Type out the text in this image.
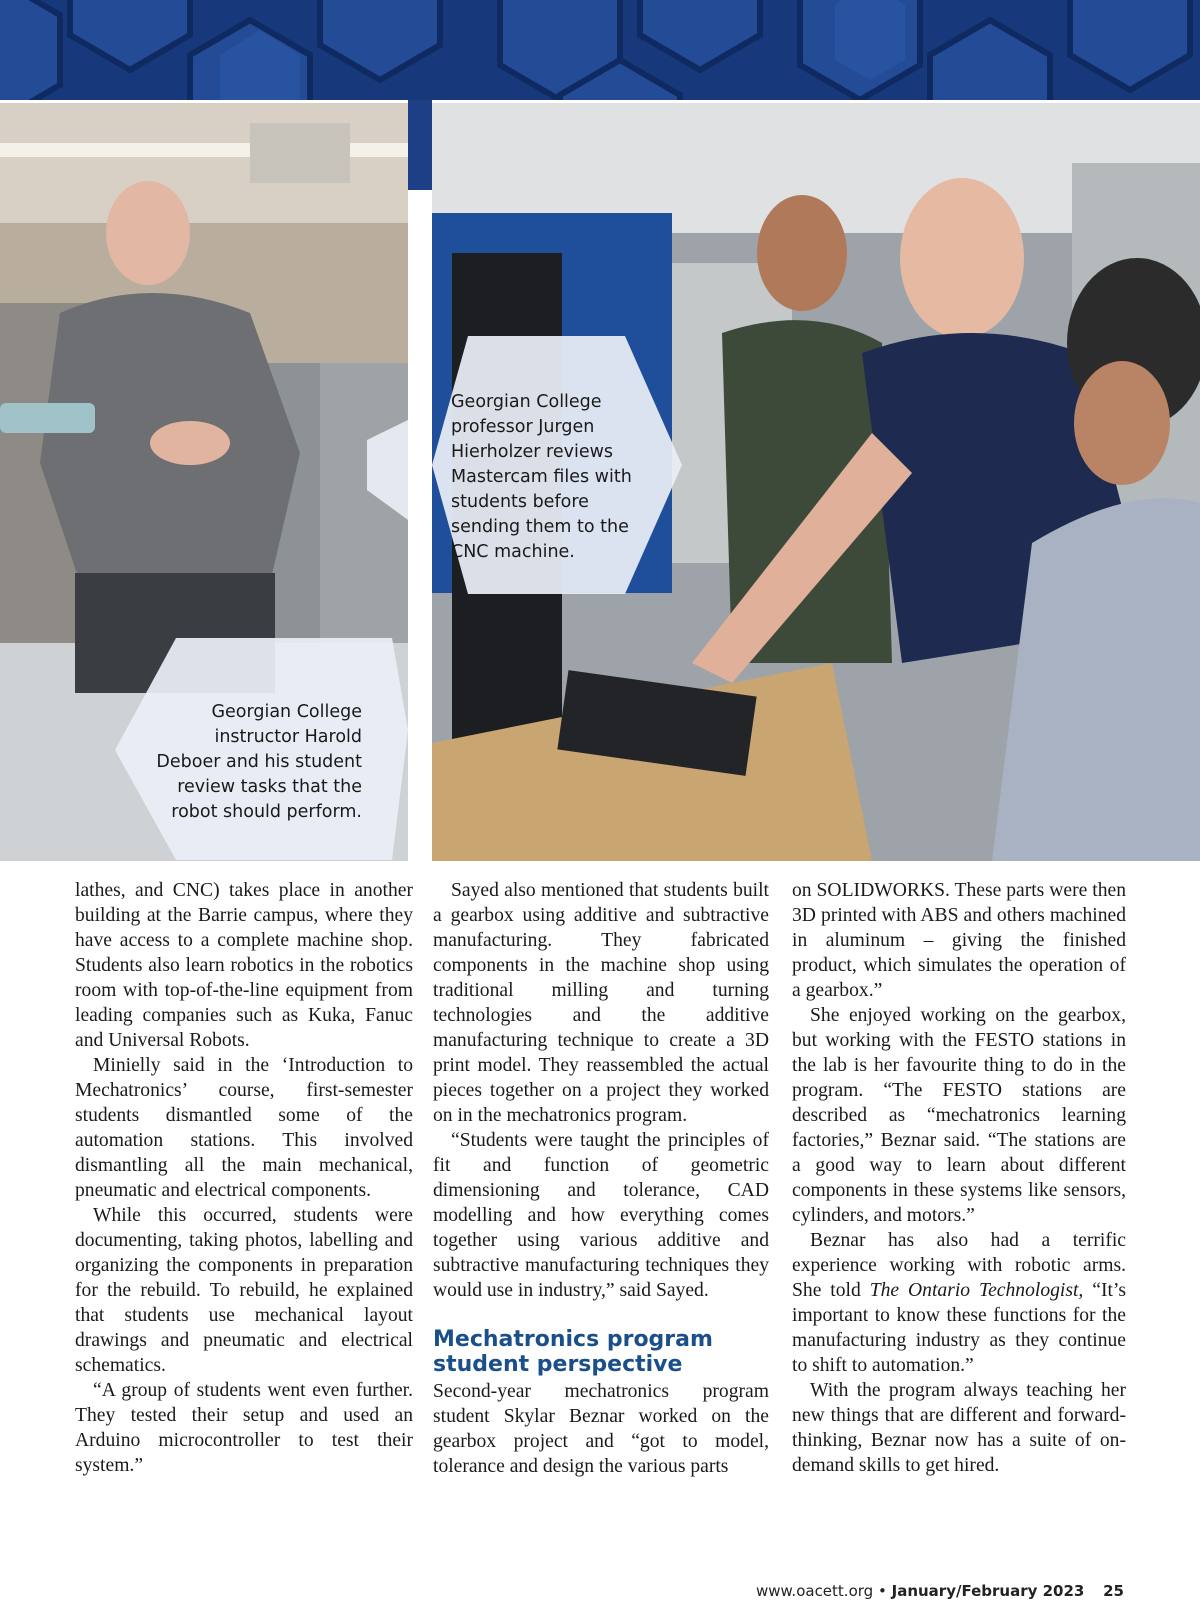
Georgian College
professor Jurgen
Hierholzer reviews
Mastercam files with
students before
sending them to the
CNC machine.
Georgian College
instructor Harold
Deboer and his student
review tasks that the
robot should perform.

lathes, and CNC) takes place in another building at the Barrie campus, where they have access to a complete machine shop. Students also learn robotics in the robotics room with top-of-the-line equipment from leading companies such as Kuka, Fanuc and Universal Robots.

Minielly said in the ‘Introduction to Mechatronics’ course, first-semester students dismantled some of the automation stations. This involved dismantling all the main mechanical, pneumatic and electrical components.

While this occurred, students were documenting, taking photos, labelling and organizing the components in preparation for the rebuild. To rebuild, he explained that students use mechanical layout drawings and pneumatic and electrical schematics.

“A group of students went even further. They tested their setup and used an Arduino microcontroller to test their system.”

Sayed also mentioned that students built a gearbox using additive and subtractive manufacturing. They fabricated components in the machine shop using traditional milling and turning technologies and the additive manufacturing technique to create a 3D print model. They reassembled the actual pieces together on a project they worked on in the mechatronics program.

“Students were taught the principles of fit and function of geometric dimensioning and tolerance, CAD modelling and how everything comes together using various additive and subtractive manufacturing techniques they would use in industry,” said Sayed.

Mechatronics program student perspective

Second-year mechatronics program student Skylar Beznar worked on the gearbox project and “got to model, tolerance and design the various parts

on SOLIDWORKS. These parts were then 3D printed with ABS and others machined in aluminum – giving the finished product, which simulates the operation of a gearbox.”

She enjoyed working on the gearbox, but working with the FESTO stations in the lab is her favourite thing to do in the program. “The FESTO stations are described as “mechatronics learning factories,” Beznar said. “The stations are a good way to learn about different components in these systems like sensors, cylinders, and motors.”

Beznar has also had a terrific experience working with robotic arms. She told The Ontario Technologist, “It’s important to know these functions for the manufacturing industry as they continue to shift to automation.”

With the program always teaching her new things that are different and forward-thinking, Beznar now has a suite of on-demand skills to get hired.

www.oacett.org • January/February 2023 25
